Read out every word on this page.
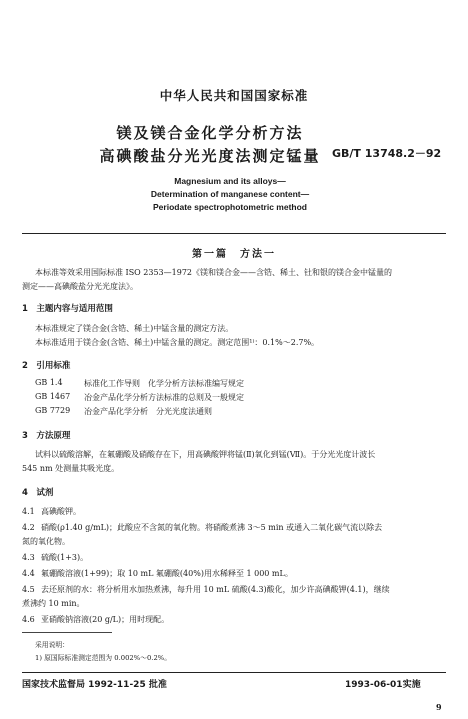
中华人民共和国国家标准
镁及镁合金化学分析方法
高碘酸盐分光光度法测定锰量	GB/T 13748.2－92
Magnesium and its alloys—
Determination of manganese content—
Periodate spectrophotometric method
第一篇　方法一
本标准等效采用国际标准 ISO 2353—1972《镁和镁合金——含锆、稀土、钍和银的镁合金中锰量的
测定——高碘酸盐分光光度法》。
1　主题内容与适用范围
本标准规定了镁合金(含锆、稀土)中锰含量的测定方法。
本标准适用于镁合金(含锆、稀土)中锰含量的测定。测定范围¹⁾：0.1%～2.7%。
2　引用标准
GB 1.4	标准化工作导则　化学分析方法标准编写规定
GB 1467 冶金产品化学分析方法标准的总则及一般规定
GB 7729 冶金产品化学分析　分光光度法通则
3　方法原理
试料以硫酸溶解，在氟硼酸及硝酸存在下，用高碘酸钾将锰(Ⅱ)氧化到锰(Ⅶ)。于分光光度计波长
545 nm 处测量其吸光度。
4　试剂
4.1 高碘酸钾。
4.2 硝酸(ρ1.40 g/mL)；此酸应不含氮的氧化物。将硝酸煮沸 3～5 min 或通入二氧化碳气流以除去
氮的氧化物。
4.3 硫酸(1+3)。
4.4 氟硼酸溶液(1+99)；取 10 mL 氟硼酸(40%)用水稀释至 1 000 mL。
4.5 去还原剂的水：将分析用水加热煮沸，每升用 10 mL 硫酸(4.3)酸化，加少许高碘酸钾(4.1)，继续
煮沸约 10 min。
4.6 亚硝酸钠溶液(20 g/L)；用时现配。
采用说明：
1) 原国际标准测定范围为 0.002%～0.2%。
国家技术监督局 1992-11-25 批准	1993-06-01实施
9
